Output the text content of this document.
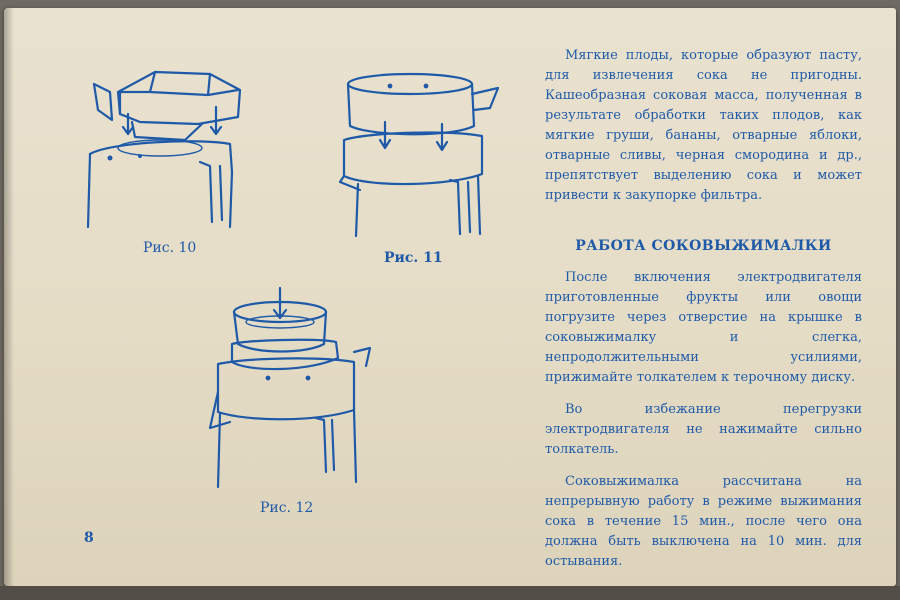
Рис. 10
Рис. 11
Рис. 12
8

Мягкие плоды, которые образуют пасту, для извлечения сока не пригодны. Кашеобразная соковая масса, полученная в результате обработки таких плодов, как мягкие груши, бананы, отварные яблоки, отварные сливы, черная смородина и др., препятствует выделению сока и может привести к закупорке фильтра.

РАБОТА СОКОВЫЖИМАЛКИ

После включения электродвигателя приготовленные фрукты или овощи погрузите через отверстие на крышке в соковыжималку и слегка, непродолжительными усилиями, прижимайте толкателем к терочному диску.

Во избежание перегрузки электродвигателя не нажимайте сильно толкатель.

Соковыжималка рассчитана на непрерывную работу в режиме выжимания сока в течение 15 мин., после чего она должна быть выключена на 10 мин. для остывания.
